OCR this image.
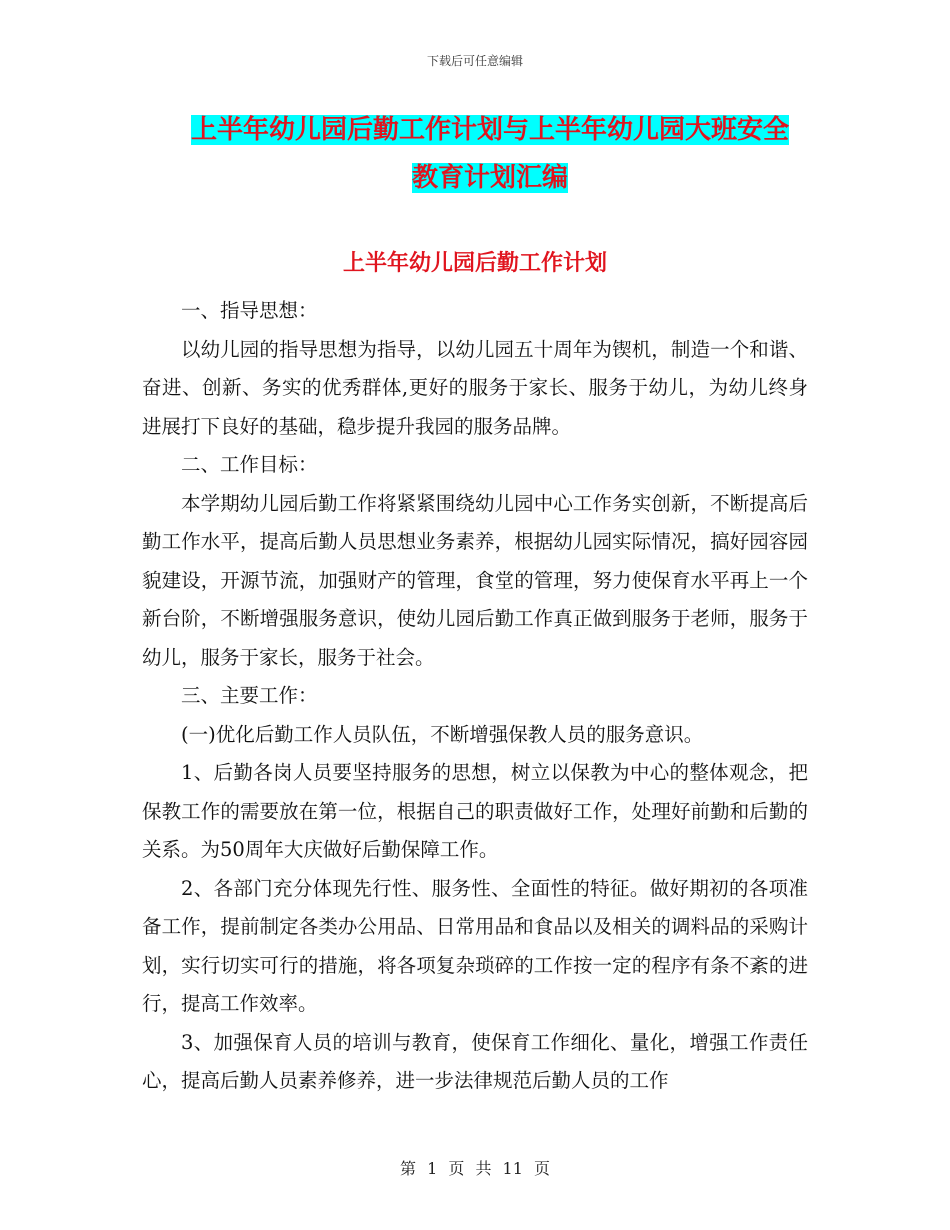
下载后可任意编辑
上半年幼儿园后勤工作计划与上半年幼儿园大班安全
教育计划汇编
上半年幼儿园后勤工作计划

一、指导思想：

以幼儿园的指导思想为指导，以幼儿园五十周年为锲机，制造一个和谐、奋进、创新、务实的优秀群体,更好的服务于家长、服务于幼儿，为幼儿终身进展打下良好的基础，稳步提升我园的服务品牌。

二、工作目标：

本学期幼儿园后勤工作将紧紧围绕幼儿园中心工作务实创新，不断提高后勤工作水平，提高后勤人员思想业务素养，根据幼儿园实际情况，搞好园容园貌建设，开源节流，加强财产的管理，食堂的管理，努力使保育水平再上一个新台阶，不断增强服务意识，使幼儿园后勤工作真正做到服务于老师，服务于幼儿，服务于家长，服务于社会。

三、主要工作：

(一)优化后勤工作人员队伍，不断增强保教人员的服务意识。

1、后勤各岗人员要坚持服务的思想，树立以保教为中心的整体观念，把保教工作的需要放在第一位，根据自己的职责做好工作，处理好前勤和后勤的关系。为50周年大庆做好后勤保障工作。

2、各部门充分体现先行性、服务性、全面性的特征。做好期初的各项准备工作，提前制定各类办公用品、日常用品和食品以及相关的调料品的采购计划，实行切实可行的措施，将各项复杂琐碎的工作按一定的程序有条不紊的进行，提高工作效率。

3、加强保育人员的培训与教育，使保育工作细化、量化，增强工作责任心，提高后勤人员素养修养，进一步法律规范后勤人员的工作

第 1 页 共 11 页
